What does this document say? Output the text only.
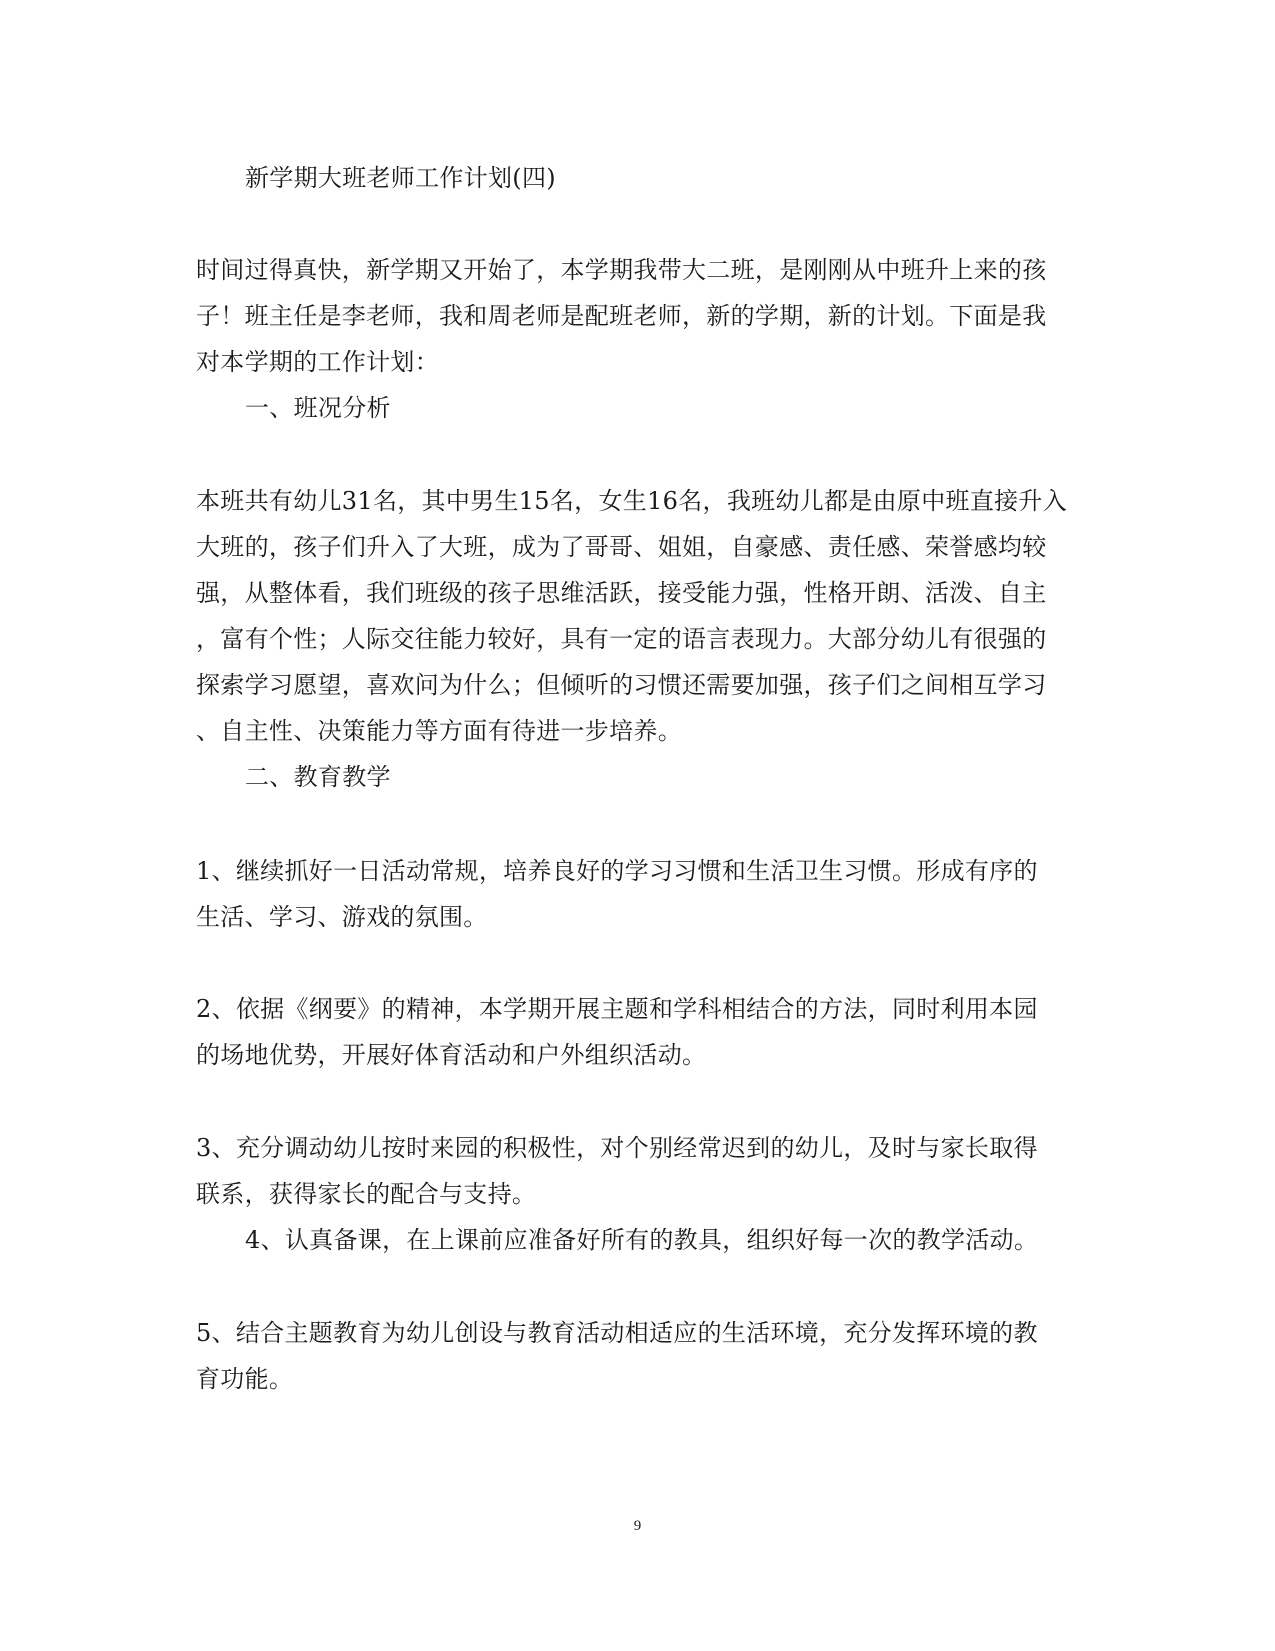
新学期大班老师工作计划(四)
时间过得真快，新学期又开始了，本学期我带大二班，是刚刚从中班升上来的孩
子！班主任是李老师，我和周老师是配班老师，新的学期，新的计划。下面是我
对本学期的工作计划：
一、班况分析
本班共有幼儿31名，其中男生15名，女生16名，我班幼儿都是由原中班直接升入
大班的，孩子们升入了大班，成为了哥哥、姐姐，自豪感、责任感、荣誉感均较
强，从整体看，我们班级的孩子思维活跃，接受能力强，性格开朗、活泼、自主
，富有个性；人际交往能力较好，具有一定的语言表现力。大部分幼儿有很强的
探索学习愿望，喜欢问为什么；但倾听的习惯还需要加强，孩子们之间相互学习
、自主性、决策能力等方面有待进一步培养。
二、教育教学
1、继续抓好一日活动常规，培养良好的学习习惯和生活卫生习惯。形成有序的
生活、学习、游戏的氛围。
2、依据《纲要》的精神，本学期开展主题和学科相结合的方法，同时利用本园
的场地优势，开展好体育活动和户外组织活动。
3、充分调动幼儿按时来园的积极性，对个别经常迟到的幼儿，及时与家长取得
联系，获得家长的配合与支持。
4、认真备课，在上课前应准备好所有的教具，组织好每一次的教学活动。
5、结合主题教育为幼儿创设与教育活动相适应的生活环境，充分发挥环境的教
育功能。
9
